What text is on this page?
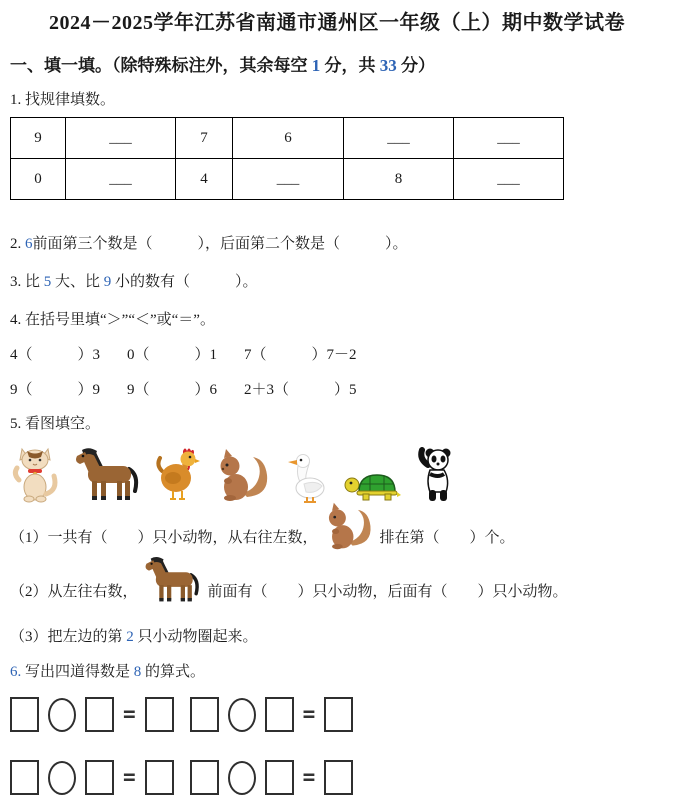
2024－2025学年江苏省南通市通州区一年级（上）期中数学试卷
一、填一填。（除特殊标注外，其余每空 1 分，共 33 分）
1. 找规律填数。
9	___	7	6	___	___
0	___	4	___	8	___
2. 6前面第三个数是（　　　），后面第二个数是（　　　）。
3. 比 5 大、比 9 小的数有（　　　）。
4. 在括号里填“＞”“＜”或“＝”。
4（　　　）3	0（　　　）1	7（　　　）7－2
9（　　　）9	9（　　　）6	2＋3（　　　）5
5. 看图填空。
（1）一共有（　　）只小动物，从右往左数，	排在第（　　）个。
（2）从左往右数，	前面有（　　）只小动物，后面有（　　）只小动物。
（3）把左边的第 2 只小动物圈起来。
6. 写出四道得数是 8 的算式。
=	=
=	=
